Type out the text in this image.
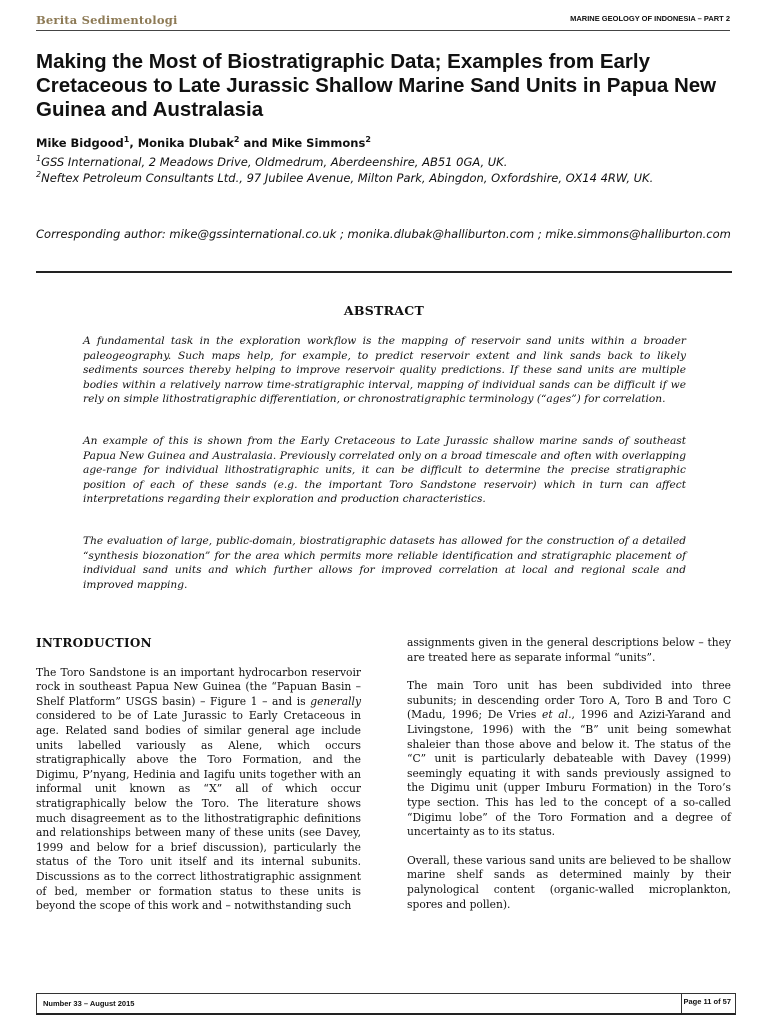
Berita Sedimentologi	MARINE GEOLOGY OF INDONESIA – PART 2
Making the Most of Biostratigraphic Data; Examples from Early Cretaceous to Late Jurassic Shallow Marine Sand Units in Papua New Guinea and Australasia

Mike Bidgood$^1$, Monika Dlubak$^2$ and Mike Simmons$^2$

$^1$GSS International, 2 Meadows Drive, Oldmedrum, Aberdeenshire, AB51 0GA, UK.

$^2$Neftex Petroleum Consultants Ltd., 97 Jubilee Avenue, Milton Park, Abingdon, Oxfordshire, OX14 4RW, UK.

Corresponding author: mike@gssinternational.co.uk ; monika.dlubak@halliburton.com ; mike.simmons@halliburton.com

ABSTRACT

A fundamental task in the exploration workflow is the mapping of reservoir sand units within a broader paleogeography. Such maps help, for example, to predict reservoir extent and link sands back to likely sediments sources thereby helping to improve reservoir quality predictions. If these sand units are multiple bodies within a relatively narrow time-stratigraphic interval, mapping of individual sands can be difficult if we rely on simple lithostratigraphic differentiation, or chronostratigraphic terminology (“ages”) for correlation.

An example of this is shown from the Early Cretaceous to Late Jurassic shallow marine sands of southeast Papua New Guinea and Australasia. Previously correlated only on a broad timescale and often with overlapping age-range for individual lithostratigraphic units, it can be difficult to determine the precise stratigraphic position of each of these sands (e.g. the important Toro Sandstone reservoir) which in turn can affect interpretations regarding their exploration and production characteristics.

The evaluation of large, public-domain, biostratigraphic datasets has allowed for the construction of a detailed “synthesis biozonation” for the area which permits more reliable identification and stratigraphic placement of individual sand units and which further allows for improved correlation at local and regional scale and improved mapping.

INTRODUCTION

The Toro Sandstone is an important hydrocarbon reservoir rock in southeast Papua New Guinea (the “Papuan Basin – Shelf Platform” USGS basin) – Figure 1 – and is generally considered to be of Late Jurassic to Early Cretaceous in age. Related sand bodies of similar general age include units labelled variously as Alene, which occurs stratigraphically above the Toro Formation, and the Digimu, P’nyang, Hedinia and Iagifu units together with an informal unit known as “X” all of which occur stratigraphically below the Toro. The literature shows much disagreement as to the lithostratigraphic definitions and relationships between many of these units (see Davey, 1999 and below for a brief discussion), particularly the status of the Toro unit itself and its internal subunits. Discussions as to the correct lithostratigraphic assignment of bed, member or formation status to these units is beyond the scope of this work and – notwithstanding such

assignments given in the general descriptions below – they are treated here as separate informal “units”.

The main Toro unit has been subdivided into three subunits; in descending order Toro A, Toro B and Toro C (Madu, 1996; De Vries et al., 1996 and Azizi-Yarand and Livingstone, 1996) with the “B” unit being somewhat shaleier than those above and below it. The status of the “C” unit is particularly debateable with Davey (1999) seemingly equating it with sands previously assigned to the Digimu unit (upper Imburu Formation) in the Toro’s type section. This has led to the concept of a so-called “Digimu lobe” of the Toro Formation and a degree of uncertainty as to its status.

Overall, these various sand units are believed to be shallow marine shelf sands as determined mainly by their palynological content (organic-walled microplankton, spores and pollen).

Number 33 – August 2015	Page 11 of 57
